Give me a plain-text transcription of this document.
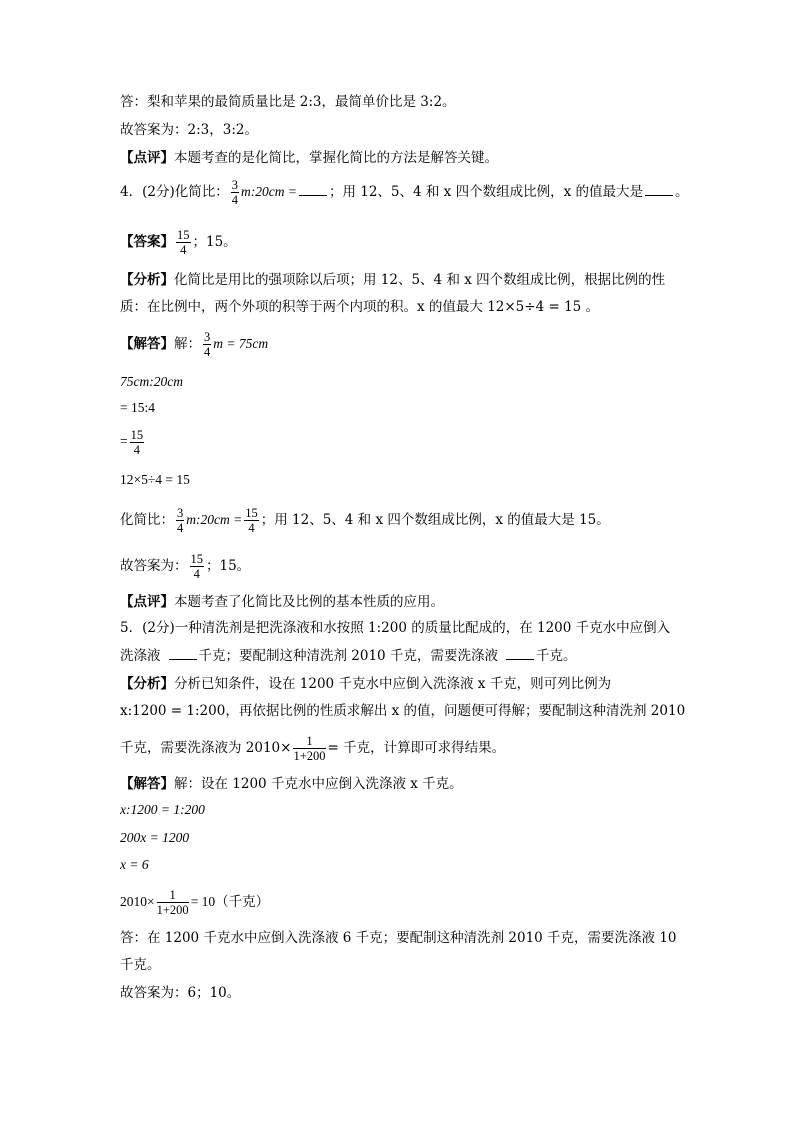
答：梨和苹果的最简质量比是 2:3，最简单价比是 3:2。
故答案为：2:3，3:2。
【点评】本题考查的是化简比，掌握化简比的方法是解答关键。
4．(2分)化简比： $\frac{3}{4}$ m:20cm = ；用 12、5、4 和 x 四个数组成比例，x 的值最大是 。
【答案】 $\frac{15}{4}$ ；15。
【分析】化简比是用比的强项除以后项；用 12、5、4 和 x 四个数组成比例，根据比例的性
质：在比例中，两个外项的积等于两个内项的积。x 的值最大 12×5÷4 = 15 。
【解答】解： $\frac{3}{4}$ m = 75cm
75cm:20cm
= 15:4
= $\frac{15}{4}$
12×5÷4 = 15
化简比： $\frac{3}{4}$ m:20cm = $\frac{15}{4}$ ；用 12、5、4 和 x 四个数组成比例，x 的值最大是 15。
故答案为： $\frac{15}{4}$ ；15。
【点评】本题考查了化简比及比例的基本性质的应用。
5．(2分)一种清洗剂是把洗涤液和水按照 1:200 的质量比配成的，在 1200 千克水中应倒入
洗涤液	千克；要配制这种清洗剂 2010 千克，需要洗涤液	千克。
【分析】分析已知条件，设在 1200 千克水中应倒入洗涤液 x 千克，则可列比例为
x:1200 = 1:200，再依据比例的性质求解出 x 的值，问题便可得解；要配制这种清洗剂 2010
千克，需要洗涤液为 $2010\times \frac{1}{1+200}$ = 千克，计算即可求得结果。
【解答】解：设在 1200 千克水中应倒入洗涤液 x 千克。
x:1200 = 1:200
200x = 1200
x = 6
$2010\times \frac{1}{1+200} = 10$（千克）
答：在 1200 千克水中应倒入洗涤液 6 千克；要配制这种清洗剂 2010 千克，需要洗涤液 10
千克。
故答案为：6；10。
